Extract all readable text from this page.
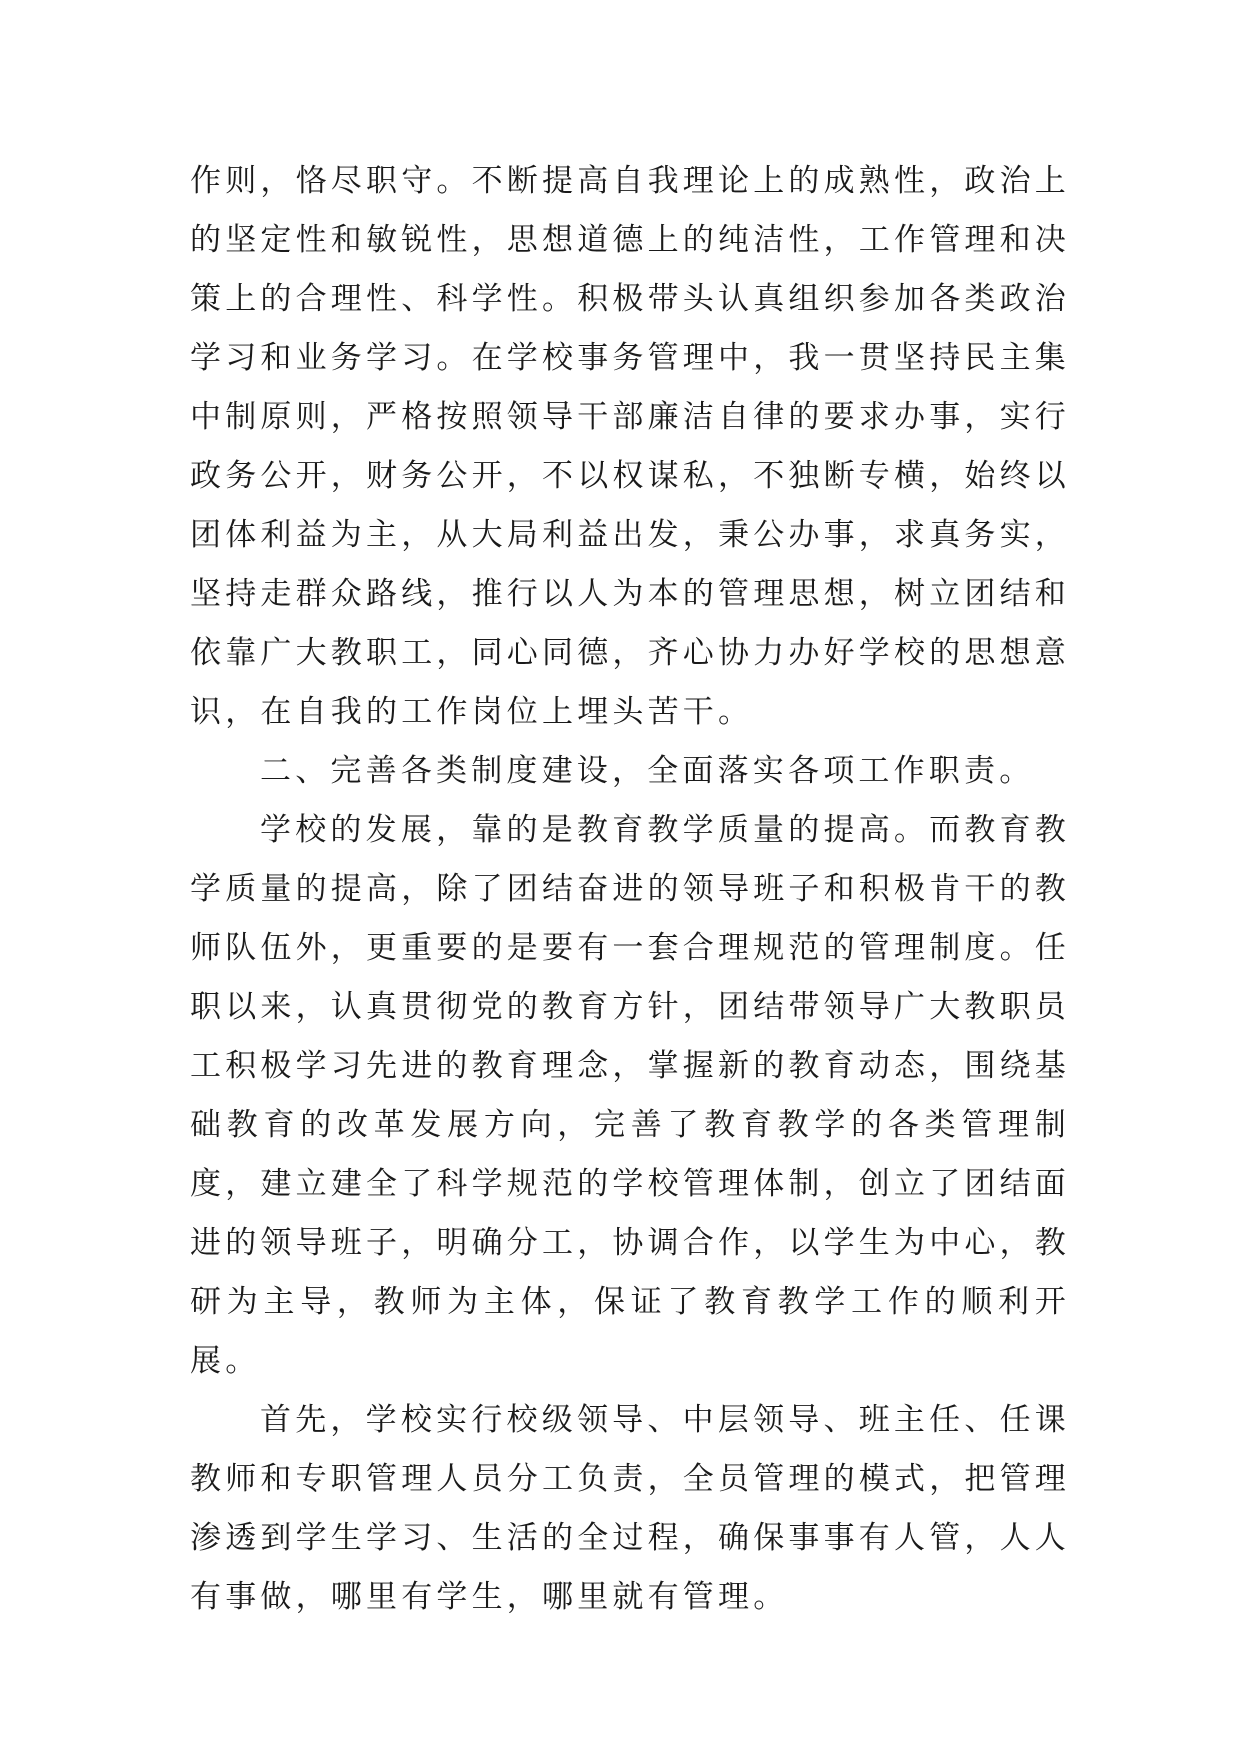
作则，恪尽职守。不断提高自我理论上的成熟性，政治上的坚定性和敏锐性，思想道德上的纯洁性，工作管理和决策上的合理性、科学性。积极带头认真组织参加各类政治学习和业务学习。在学校事务管理中，我一贯坚持民主集中制原则，严格按照领导干部廉洁自律的要求办事，实行政务公开，财务公开，不以权谋私，不独断专横，始终以团体利益为主，从大局利益出发，秉公办事，求真务实，坚持走群众路线，推行以人为本的管理思想，树立团结和依靠广大教职工，同心同德，齐心协力办好学校的思想意识，在自我的工作岗位上埋头苦干。

二、完善各类制度建设，全面落实各项工作职责。

学校的发展，靠的是教育教学质量的提高。而教育教学质量的提高，除了团结奋进的领导班子和积极肯干的教师队伍外，更重要的是要有一套合理规范的管理制度。任职以来，认真贯彻党的教育方针，团结带领导广大教职员工积极学习先进的教育理念，掌握新的教育动态，围绕基础教育的改革发展方向，完善了教育教学的各类管理制度，建立建全了科学规范的学校管理体制，创立了团结面进的领导班子，明确分工，协调合作，以学生为中心，教研为主导，教师为主体，保证了教育教学工作的顺利开展。

首先，学校实行校级领导、中层领导、班主任、任课教师和专职管理人员分工负责，全员管理的模式，把管理渗透到学生学习、生活的全过程，确保事事有人管，人人有事做，哪里有学生，哪里就有管理。
